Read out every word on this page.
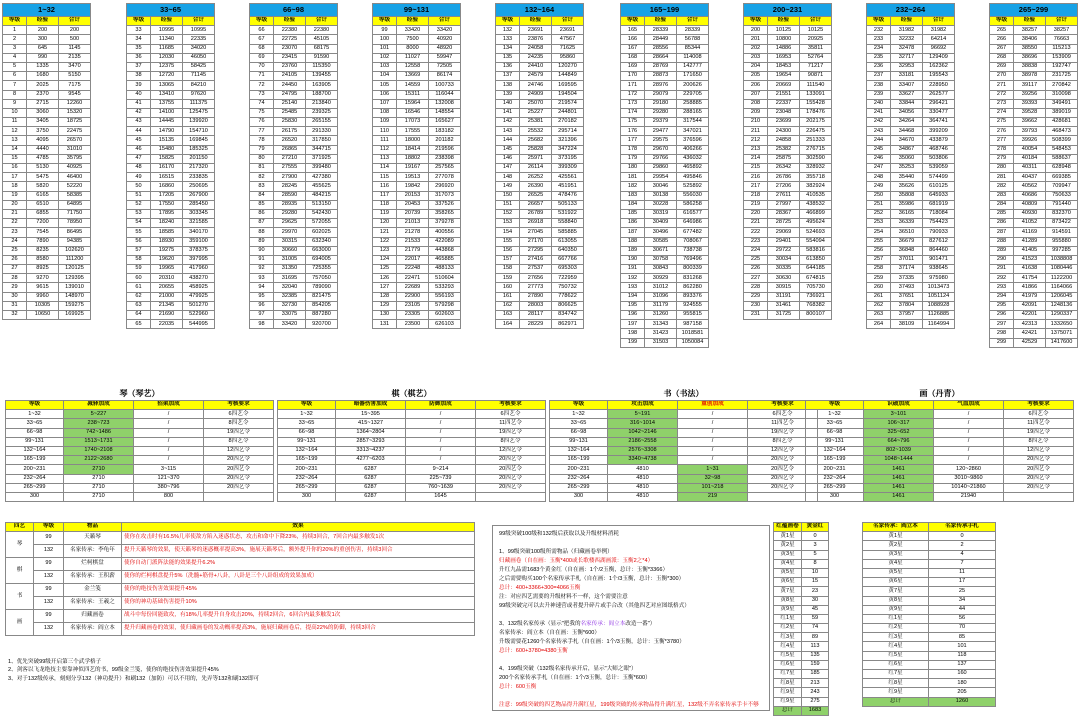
1~32		
等级	经验	合计
1	200	200
2	300	500
3	645	1145
4	990	2135
5	1335	3470
6	1680	5150
7	2025	7175
8	2370	9545
9	2715	12260
10	3060	15320
11	3405	18725
12	3750	22475
13	4095	26570
14	4440	31010
15	4785	35795
16	5130	40925
17	5475	46400
18	5820	52220
19	6165	58385
20	6510	64895
21	6855	71750
22	7200	78950
23	7545	86495
24	7890	94385
25	8235	102620
26	8580	111200
27	8925	120125
28	9270	129395
29	9615	139010
30	9960	148970
31	10305	159275
32	10650	169925
33~65		
等级	经验	合计
33	10995	10995
34	11340	22335
35	11685	34020
36	12030	46050
37	12375	58425
38	12720	71145
39	13065	84210
40	13410	97620
41	13755	111375
42	14100	125475
43	14445	139920
44	14790	154710
45	15135	169845
46	15480	185325
47	15825	201150
48	16170	217320
49	16515	233835
50	16860	250695
51	17205	267900
52	17550	285450
53	17895	303345
54	18240	321585
55	18585	340170
56	18930	359100
57	19275	378375
58	19620	397995
59	19965	417960
60	20310	438270
61	20655	458925
62	21000	479925
63	21345	501270
64	21690	522960
65	22035	544995
66~98		
等级	经验	合计
66	22380	22380
67	22725	45105
68	23070	68175
69	23415	91590
70	23760	115350
71	24105	139455
72	24450	163905
73	24795	188700
74	25140	213840
75	25485	239325
76	25830	265155
77	26175	291330
78	26520	317850
79	26865	344715
80	27210	371925
81	27555	399480
82	27900	427380
83	28245	455625
84	28590	484215
85	28935	513150
86	29280	542430
87	29625	572055
88	29970	602025
89	30315	632340
90	30660	663000
91	31005	694005
92	31350	725355
93	31695	757050
94	32040	789090
95	32385	821475
96	32730	854205
97	33075	887280
98	33420	920700
99~131		
等级	经验	合计
99	33420	33420
100	7500	40920
101	8000	48920
102	11027	59947
103	12558	72505
104	13669	86174
105	14559	100733
106	15311	116044
107	15964	132008
108	16546	148554
109	17073	165627
110	17555	183182
111	18000	201182
112	18414	219596
113	18802	238398
114	19167	257565
115	19513	277078
116	19842	296920
117	20153	317073
118	20453	337526
119	20739	358265
120	21013	379278
121	21278	400556
122	21533	422089
123	21779	443868
124	22017	465885
125	22248	488133
126	22471	510604
127	22689	533293
128	22900	556193
129	23105	579298
130	23305	602603
131	23500	626103
132~164		
等级	经验	合计
132	23691	23691
133	23876	47567
134	24058	71625
135	24235	95860
136	24410	120270
137	24579	144849
138	24746	169595
139	24909	194504
140	25070	219574
141	25227	244801
142	25381	270182
143	25532	295714
144	25682	321396
145	25828	347224
146	25971	373195
147	26114	399309
148	26252	425561
149	26390	451951
150	26525	478476
151	26657	505133
152	26789	531922
153	26918	558840
154	27045	585885
155	27170	613055
156	27295	640350
157	27416	667766
158	27537	695303
159	27656	722959
160	27773	750732
161	27890	778622
162	28003	806625
163	28117	834742
164	28229	862971
165~199		
等级	经验	合计
165	28339	28339
166	28449	56788
167	28556	85344
168	28664	114008
169	28769	142777
170	28873	171650
171	28976	200626
172	29079	229705
173	29180	258885
174	29280	288165
175	29379	317544
176	29477	347021
177	29575	376596
178	29670	406266
179	29766	436032
180	29860	465892
181	29954	495846
182	30046	525892
183	30138	556030
184	30228	586258
185	30319	616577
186	30409	646986
187	30496	677482
188	30585	708067
189	30671	738738
190	30758	769496
191	30843	800339
192	30929	831268
193	31012	862280
194	31096	893376
195	31179	924555
196	31260	955815
197	31343	987158
198	31423	1018581
199	31503	1050084
200~231		
等级	经验	合计
200	10125	10125
201	10800	20925
202	14886	35811
203	16953	52764
204	18453	71217
205	19654	90871
206	20669	111540
207	21551	133091
208	22337	155428
209	23048	178476
210	23699	202175
211	24300	226475
212	24858	251333
213	25382	276715
214	25875	302590
215	26342	328932
216	26786	355718
217	27206	382924
218	27611	410535
219	27997	438532
220	28367	466899
221	28725	495624
222	29069	524693
223	29401	554094
224	29722	583816
225	30034	613850
226	30335	644185
227	30630	674815
228	30915	705730
229	31191	736921
230	31461	768382
231	31725	800107
232~264		
等级	经验	合计
232	31982	31982
233	32232	64214
234	32478	96692
235	32717	129409
236	32953	162362
237	33181	195543
238	33407	228950
239	33627	262577
240	33844	296421
241	34056	330477
242	34264	364741
243	34468	399209
244	34670	433879
245	34867	468746
246	35060	503806
247	35253	539059
248	35440	574499
249	35626	610125
250	35808	645933
251	35986	681919
252	36165	718084
253	36339	754423
254	36510	790933
255	36679	827612
256	36848	864460
257	37011	901471
258	37174	938645
259	37335	975980
260	37493	1013473
261	37651	1051124
262	37804	1088928
263	37957	1126885
264	38109	1164994
265~299		
等级	经验	合计
265	38257	38257
266	38406	76663
267	38550	115213
268	38696	153909
269	38838	192747
270	38978	231725
271	39117	270842
272	39256	310098
273	39393	349491
274	39528	389019
275	39662	428681
276	39793	468473
277	39926	508399
278	40054	548453
279	40184	588637
280	40311	628948
281	40437	669385
282	40562	709947
283	40686	750633
284	40809	791440
285	40930	832370
286	41052	873422
287	41169	914591
288	41289	955880
289	41405	997285
290	41523	1038808
291	41638	1080446
292	41754	1122200
293	41866	1164066
294	41979	1206045
295	42091	1248136
296	42201	1290337
297	42313	1332650
298	42421	1375071
299	42529	1417600
琴（琴艺）			
等级	减驿加成	招架加成	考核要求
1~32	5~227	/	6四艺令
33~65	238~723	/	8四艺令
66~98	742~1486	/	19四艺令
99~131	1513~1731	/	8四艺令
132~164	1740~2108	/	12四艺令
165~199	2122~2680	/	20四艺令
200~231	2710	3~115	20四艺令
232~264	2710	121~370	20四艺令
265~299	2710	380~796	20四艺令
300	2710	800	
棋（棋艺）			
等级	暗器伤害加成	防御加成	考核要求
1~32	15~395	/	6四艺令
33~65	415~1327	/	11四艺令
66~98	1364~2804	/	19四艺令
99~131	2857~3293	/	8四艺令
132~164	3313~4237	/	12四艺令
165~199	4277~6203	/	20四艺令
200~231	6287	9~214	20四艺令
232~264	6287	225~739	20四艺令
265~299	6287	760~1639	20四艺令
300	6287	1645	
书（书法）			
等级	攻击加成	重创加成	考核要求
1~32	5~191	/	6四艺令
33~65	316~1014	/	11四艺令
66~98	1042~2146	/	19四艺令
99~131	2186~2558	/	8四艺令
132~164	2576~3308	/	12四艺令
165~199	3340~4738	/	20四艺令
200~231	4810	1~31	20四艺令
232~264	4810	32~98	20四艺令
265~299	4810	101~218	20四艺令
300	4810	219	
画（丹青）			
等级	识破加成	气血加成	考核要求
1~32	3~101	/	6四艺令
33~65	106~317	/	11四艺令
66~98	325~652	/	19四艺令
99~131	664~796	/	8四艺令
132~164	802~1039	/	12四艺令
165~199	1048~1444	/	20四艺令
200~231	1461	120~2860	20四艺令
232~264	1461	3010~9860	20四艺令
265~299	1461	10140~21860	20四艺令
300	1461	21940	
四艺	等级	物品	效果
琴	99	天籁琴	使你在攻击时有16.5%几率使敌方陷入迷惑状态，攻击和命中下降23%，持续3回合，7回合内最多触发1次
	132	名家传承：李龟年	提升天籁琴的效果，使天籁琴的迷惑概率提高3%，施展天籁琴后，额外提升你的20%的重创伤害，持续3回合
棋	99	烂柯棋盘	使你自动门派阵法能的效果提升6.2%
	132	名家传承：王积薪	使你的烂柯棋盘提升5%（洗髓+筋骨+八卦，八卦是三个八卦组成的效果加成）
书	99	金兰笺	使你的绝技伤害效果提升45%
	132	名家传承：王羲之	使你的神功基础伤害提升10%
画	99	归藏画卷	战斗中每份回能致攻，有18%几率提升自身攻击20%，持续2回合，6回合内最多触发1次
	132	名家传承：阎立本	提升归藏画卷的效果，使归藏画卷的发动概率提高3%，施展归藏画卷后，提高22%的防御，持续3回合
1、优先突破99级开启第三个武学格子
2、剑客以飞龙绝技主要靠神似四艺的书，99级金兰笺，使你的绝技伤害效果提升45%
3、对于132级传承，刻刻分享132（神功提升）和刷132（加防）可以不用的，先弄等132和刷132即可
99级突破100级和132级后获取以及升级材料消耗
1、99级突破100级所需物品（归藏画卷举例）
归藏画卷（自在画：玉衡*400或长歌楼西湖画派：玉衡2之*4）
升红九品需1683个黄金红（自在画：1个/2玉衡，总计：玉衡*3366）
之后需要购买100个名家传承手札（自在画：1个/3玉衡，总计：玉衡*300）
总计：400+3366+300=4066玉衡
注：对应四艺需要的升级材料不一样，这个需要注意
99级突破完可以去升神速营或者提升碎片或手合改（其他四艺对应图纸格式）
3、132级名家传承（显示"把我的名家传承：阎立本改造一番"）
名家传承：阎立本（自在画：玉衡*600）
升级需要花1260个名家传承手札（自在画：1个/3玉衡，总计：玉衡*3780）
总计：600+3780=4380玉衡
4、199级突破（132级名家传承开后，显示"大师之眼"）
200个名家传承手札（自在画：1个/3玉衡，总计：玉衡*600）
总计：600玉衡
注意：99级突破的四艺物品得升满红星，199级突破的传承物品得升满红星，132级不弄名家传承手卡不够
红蕴画卷	黄金红
黄1星	0
黄2星	3
黄3星	5
黄4星	8
黄5星	10
黄6星	15
黄7星	23
黄8星	30
黄9星	45
红1星	59
红2星	74
红3星	89
红4星	113
红5星	135
红6星	159
红7星	185
红8星	213
红9星	243
红9星	275
总计	1683
名家传承：阎立本	名家传承手札
黄1星	0
黄2星	2
黄3星	4
黄4星	7
黄5星	11
黄6星	17
黄7星	25
黄8星	34
黄9星	44
红1星	56
红2星	70
红3星	85
红4星	101
红5星	118
红6星	137
红7星	160
红8星	180
红9星	205
总计	1260
